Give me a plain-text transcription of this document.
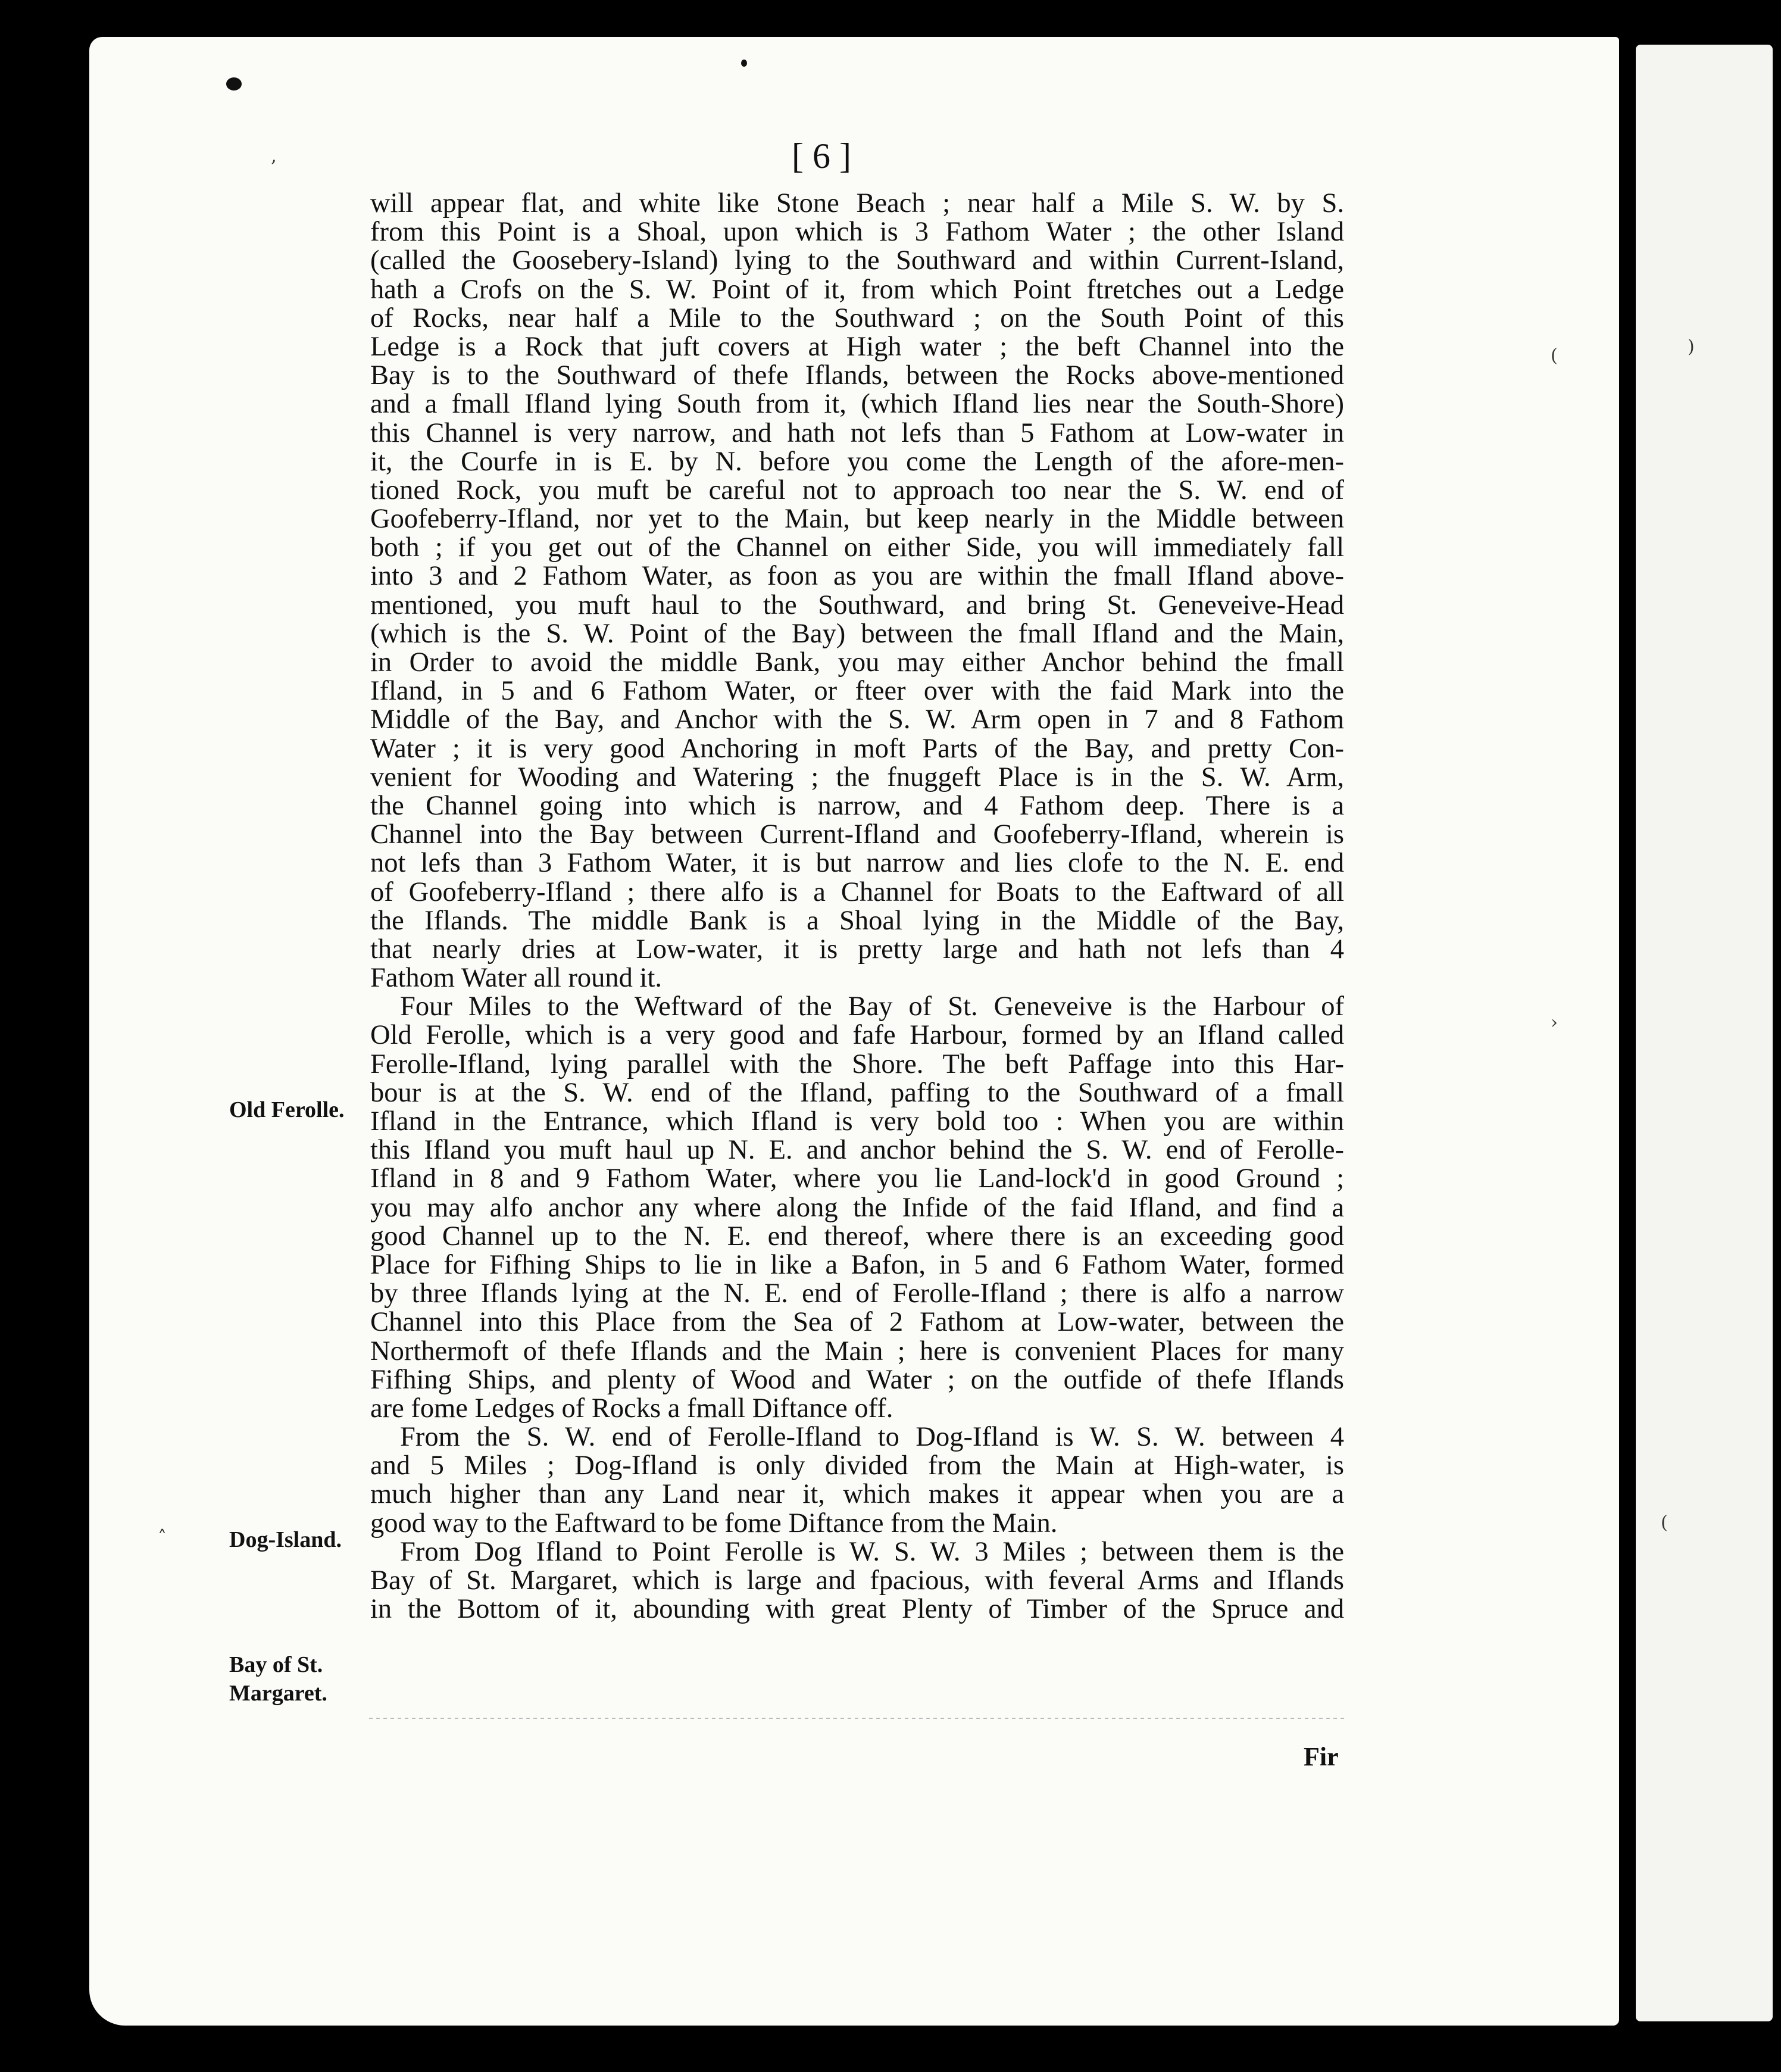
[ 6 ]
Old Ferolle.
Dog-Island.
Bay of St.
Margaret.
will appear flat, and white like Stone Beach ; near half a Mile S. W. by S.
from this Point is a Shoal, upon which is 3 Fathom Water ; the other Island
(called the Goosebery-Island) lying to the Southward and within Current-Island,
hath a Crofs on the S. W. Point of it, from which Point ftretches out a Ledge
of Rocks, near half a Mile to the Southward ; on the South Point of this
Ledge is a Rock that juft covers at High water ; the beft Channel into the
Bay is to the Southward of thefe Iflands, between the Rocks above-mentioned
and a fmall Ifland lying South from it, (which Ifland lies near the South-Shore)
this Channel is very narrow, and hath not lefs than 5 Fathom at Low-water in
it, the Courfe in is E. by N. before you come the Length of the afore-men-
tioned Rock, you muft be careful not to approach too near the S. W. end of
Goofeberry-Ifland, nor yet to the Main, but keep nearly in the Middle between
both ; if you get out of the Channel on either Side, you will immediately fall
into 3 and 2 Fathom Water, as foon as you are within the fmall Ifland above-
mentioned, you muft haul to the Southward, and bring St. Geneveive-Head
(which is the S. W. Point of the Bay) between the fmall Ifland and the Main,
in Order to avoid the middle Bank, you may either Anchor behind the fmall
Ifland, in 5 and 6 Fathom Water, or fteer over with the faid Mark into the
Middle of the Bay, and Anchor with the S. W. Arm open in 7 and 8 Fathom
Water ; it is very good Anchoring in moft Parts of the Bay, and pretty Con-
venient for Wooding and Watering ; the fnuggeft Place is in the S. W. Arm,
the Channel going into which is narrow, and 4 Fathom deep. There is a
Channel into the Bay between Current-Ifland and Goofeberry-Ifland, wherein is
not lefs than 3 Fathom Water, it is but narrow and lies clofe to the N. E. end
of Goofeberry-Ifland ; there alfo is a Channel for Boats to the Eaftward of all
the Iflands. The middle Bank is a Shoal lying in the Middle of the Bay,
that nearly dries at Low-water, it is pretty large and hath not lefs than 4
Fathom Water all round it.
Four Miles to the Weftward of the Bay of St. Geneveive is the Harbour of
Old Ferolle, which is a very good and fafe Harbour, formed by an Ifland called
Ferolle-Ifland, lying parallel with the Shore. The beft Paffage into this Har-
bour is at the S. W. end of the Ifland, paffing to the Southward of a fmall
Ifland in the Entrance, which Ifland is very bold too : When you are within
this Ifland you muft haul up N. E. and anchor behind the S. W. end of Ferolle-
Ifland in 8 and 9 Fathom Water, where you lie Land-lock'd in good Ground ;
you may alfo anchor any where along the Infide of the faid Ifland, and find a
good Channel up to the N. E. end thereof, where there is an exceeding good
Place for Fifhing Ships to lie in like a Bafon, in 5 and 6 Fathom Water, formed
by three Iflands lying at the N. E. end of Ferolle-Ifland ; there is alfo a narrow
Channel into this Place from the Sea of 2 Fathom at Low-water, between the
Northermoft of thefe Iflands and the Main ; here is convenient Places for many
Fifhing Ships, and plenty of Wood and Water ; on the outfide of thefe Iflands
are fome Ledges of Rocks a fmall Diftance off.
From the S. W. end of Ferolle-Ifland to Dog-Ifland is W. S. W. between 4
and 5 Miles ; Dog-Ifland is only divided from the Main at High-water, is
much higher than any Land near it, which makes it appear when you are a
good way to the Eaftward to be fome Diftance from the Main.
From Dog Ifland to Point Ferolle is W. S. W. 3 Miles ; between them is the
Bay of St. Margaret, which is large and fpacious, with feveral Arms and Iflands
in the Bottom of it, abounding with great Plenty of Timber of the Spruce and
Fir
‚
(	)
›
˄
(
